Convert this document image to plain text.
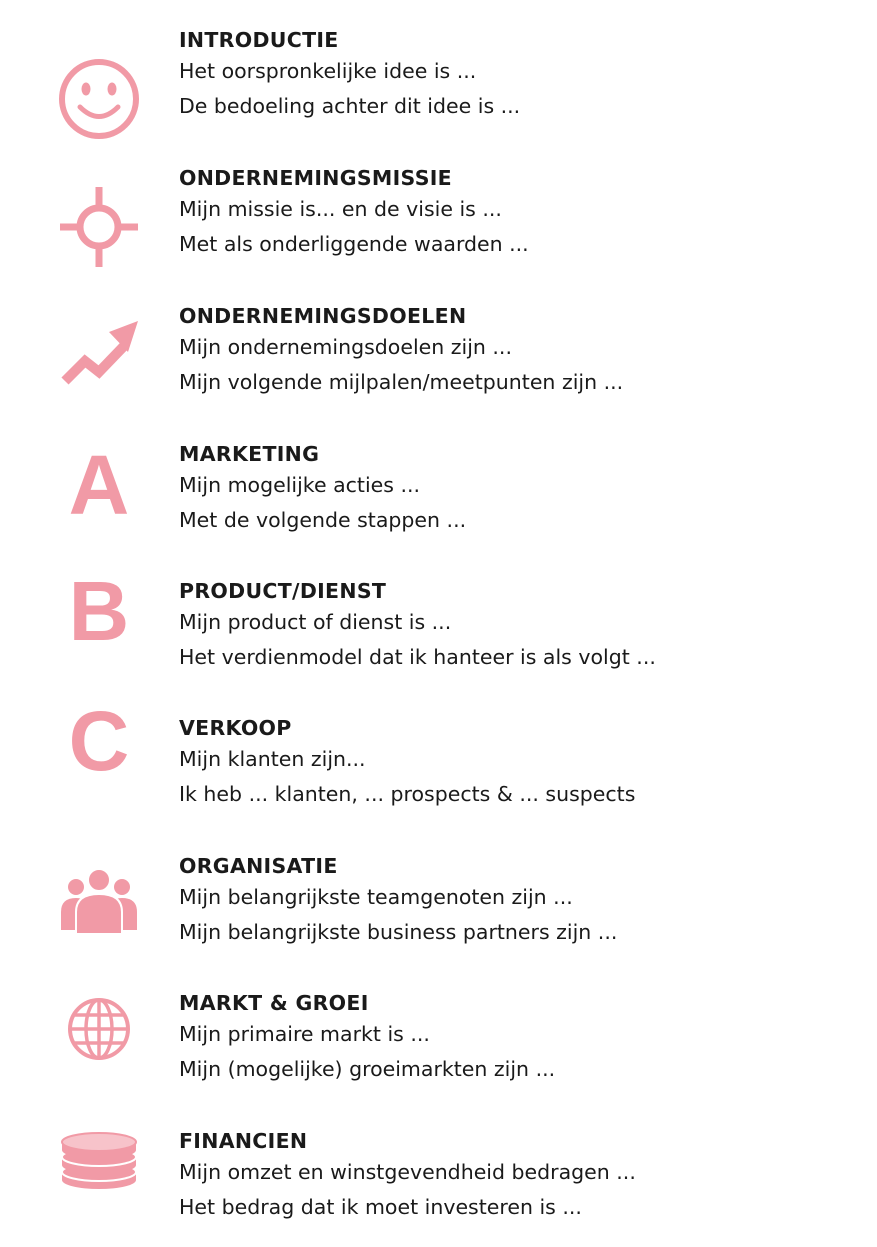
INTRODUCTIE
Het oorspronkelijke idee is ...
De bedoeling achter dit idee is ...
ONDERNEMINGSMISSIE
Mijn missie is... en de visie is ...
Met als onderliggende waarden ...
ONDERNEMINGSDOELEN
Mijn ondernemingsdoelen zijn ...
Mijn volgende mijlpalen/meetpunten zijn ...
A	MARKETING
Mijn mogelijke acties ...
Met de volgende stappen ...
B	PRODUCT/DIENST
Mijn product of dienst is ...
Het verdienmodel dat ik hanteer is als volgt ...
C	VERKOOP
Mijn klanten zijn...
Ik heb ... klanten, ... prospects & ... suspects
ORGANISATIE
Mijn belangrijkste teamgenoten zijn ...
Mijn belangrijkste business partners zijn ...
MARKT & GROEI
Mijn primaire markt is ...
Mijn (mogelijke) groeimarkten zijn ...
FINANCIEN
Mijn omzet en winstgevendheid bedragen ...
Het bedrag dat ik moet investeren is ...
